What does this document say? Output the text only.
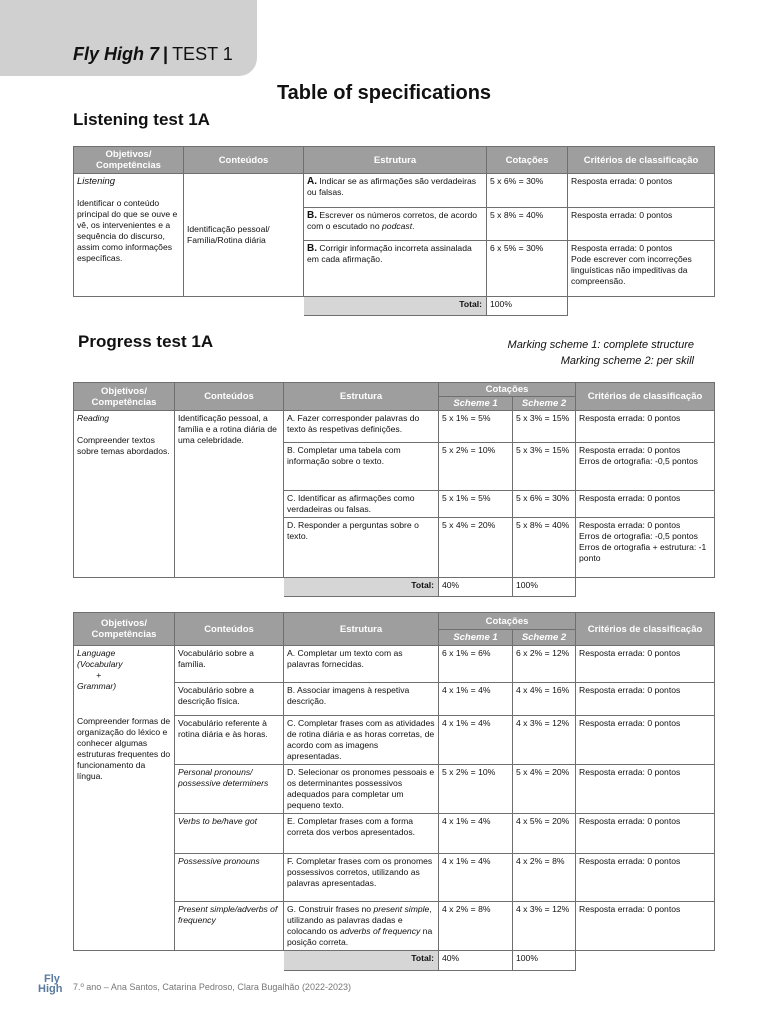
Fly High 7 | TEST 1
Table of specifications
Listening test 1A
Objetivos/ Competências	Conteúdos	Estrutura	Cotações	Critérios de classificação
Listening
Identificar o conteúdo principal do que se ouve e vê, os intervenientes e a sequência do discurso, assim como informações específicas.	Identificação pessoal/ Família/Rotina diária	A. Indicar se as afirmações são verdadeiras ou falsas.	5 x 6% = 30%	Resposta errada: 0 pontos
		B. Escrever os números corretos, de acordo com o escutado no podcast.	5 x 8% = 40%	Resposta errada: 0 pontos
		B. Corrigir informação incorreta assinalada em cada afirmação.	6 x 5% = 30%	Resposta errada: 0 pontos
Pode escrever com incorreções linguísticas não impeditivas da compreensão.

		Total:	100%	
Progress test 1A	Marking scheme 1: complete structure
Marking scheme 2: per skill
Objetivos/ Competências	Conteúdos	Estrutura	Cotações		Critérios de classificação
			Scheme 1	Scheme 2	
Reading
Compreender textos sobre temas abordados.	Identificação pessoal, a família e a rotina diária de uma celebridade.	A. Fazer corresponder palavras do texto às respetivas definições.	5 x 1% = 5%	5 x 3% = 15%	Resposta errada: 0 pontos
		B. Completar uma tabela com informação sobre o texto.	5 x 2% = 10%	5 x 3% = 15%	Resposta errada: 0 pontos
Erros de ortografia: -0,5 pontos
		C. Identificar as afirmações como verdadeiras ou falsas.	5 x 1% = 5%	5 x 6% = 30%	Resposta errada: 0 pontos
		D. Responder a perguntas sobre o texto.	5 x 4% = 20%	5 x 8% = 40%	Resposta errada: 0 pontos
Erros de ortografia: -0,5 pontos
Erros de ortografia + estrutura: -1 ponto

		Total:	40%	100%	
Objetivos/ Competências	Conteúdos	Estrutura	Cotações		Critérios de classificação
			Scheme 1	Scheme 2	
Language
(Vocabulary
+
Grammar)
Compreender formas de organização do léxico e conhecer algumas estruturas frequentes do funcionamento da língua.	Vocabulário sobre a família.	A. Completar um texto com as palavras fornecidas.	6 x 1% = 6%	6 x 2% = 12%	Resposta errada: 0 pontos
	Vocabulário sobre a descrição física.	B. Associar imagens à respetiva descrição.	4 x 1% = 4%	4 x 4% = 16%	Resposta errada: 0 pontos
	Vocabulário referente à rotina diária e às horas.	C. Completar frases com as atividades de rotina diária e as horas corretas, de acordo com as imagens apresentadas.	4 x 1% = 4%	4 x 3% = 12%	Resposta errada: 0 pontos
	Personal pronouns/ possessive determiners	D. Selecionar os pronomes pessoais e os determinantes possessivos adequados para completar um pequeno texto.	5 x 2% = 10%	5 x 4% = 20%	Resposta errada: 0 pontos
	Verbs to be/have got	E. Completar frases com a forma correta dos verbos apresentados.	4 x 1% = 4%	4 x 5% = 20%	Resposta errada: 0 pontos
	Possessive pronouns	F. Completar frases com os pronomes possessivos corretos, utilizando as palavras apresentadas.	4 x 1% = 4%	4 x 2% = 8%	Resposta errada: 0 pontos
	Present simple/adverbs of frequency	G. Construir frases no present simple, utilizando as palavras dadas e colocando os adverbs of frequency na posição correta.	4 x 2% = 8%	4 x 3% = 12%	Resposta errada: 0 pontos

		Total:	40%	100%	
Fly
High 7.º ano – Ana Santos, Catarina Pedroso, Clara Bugalhão (2022-2023)
